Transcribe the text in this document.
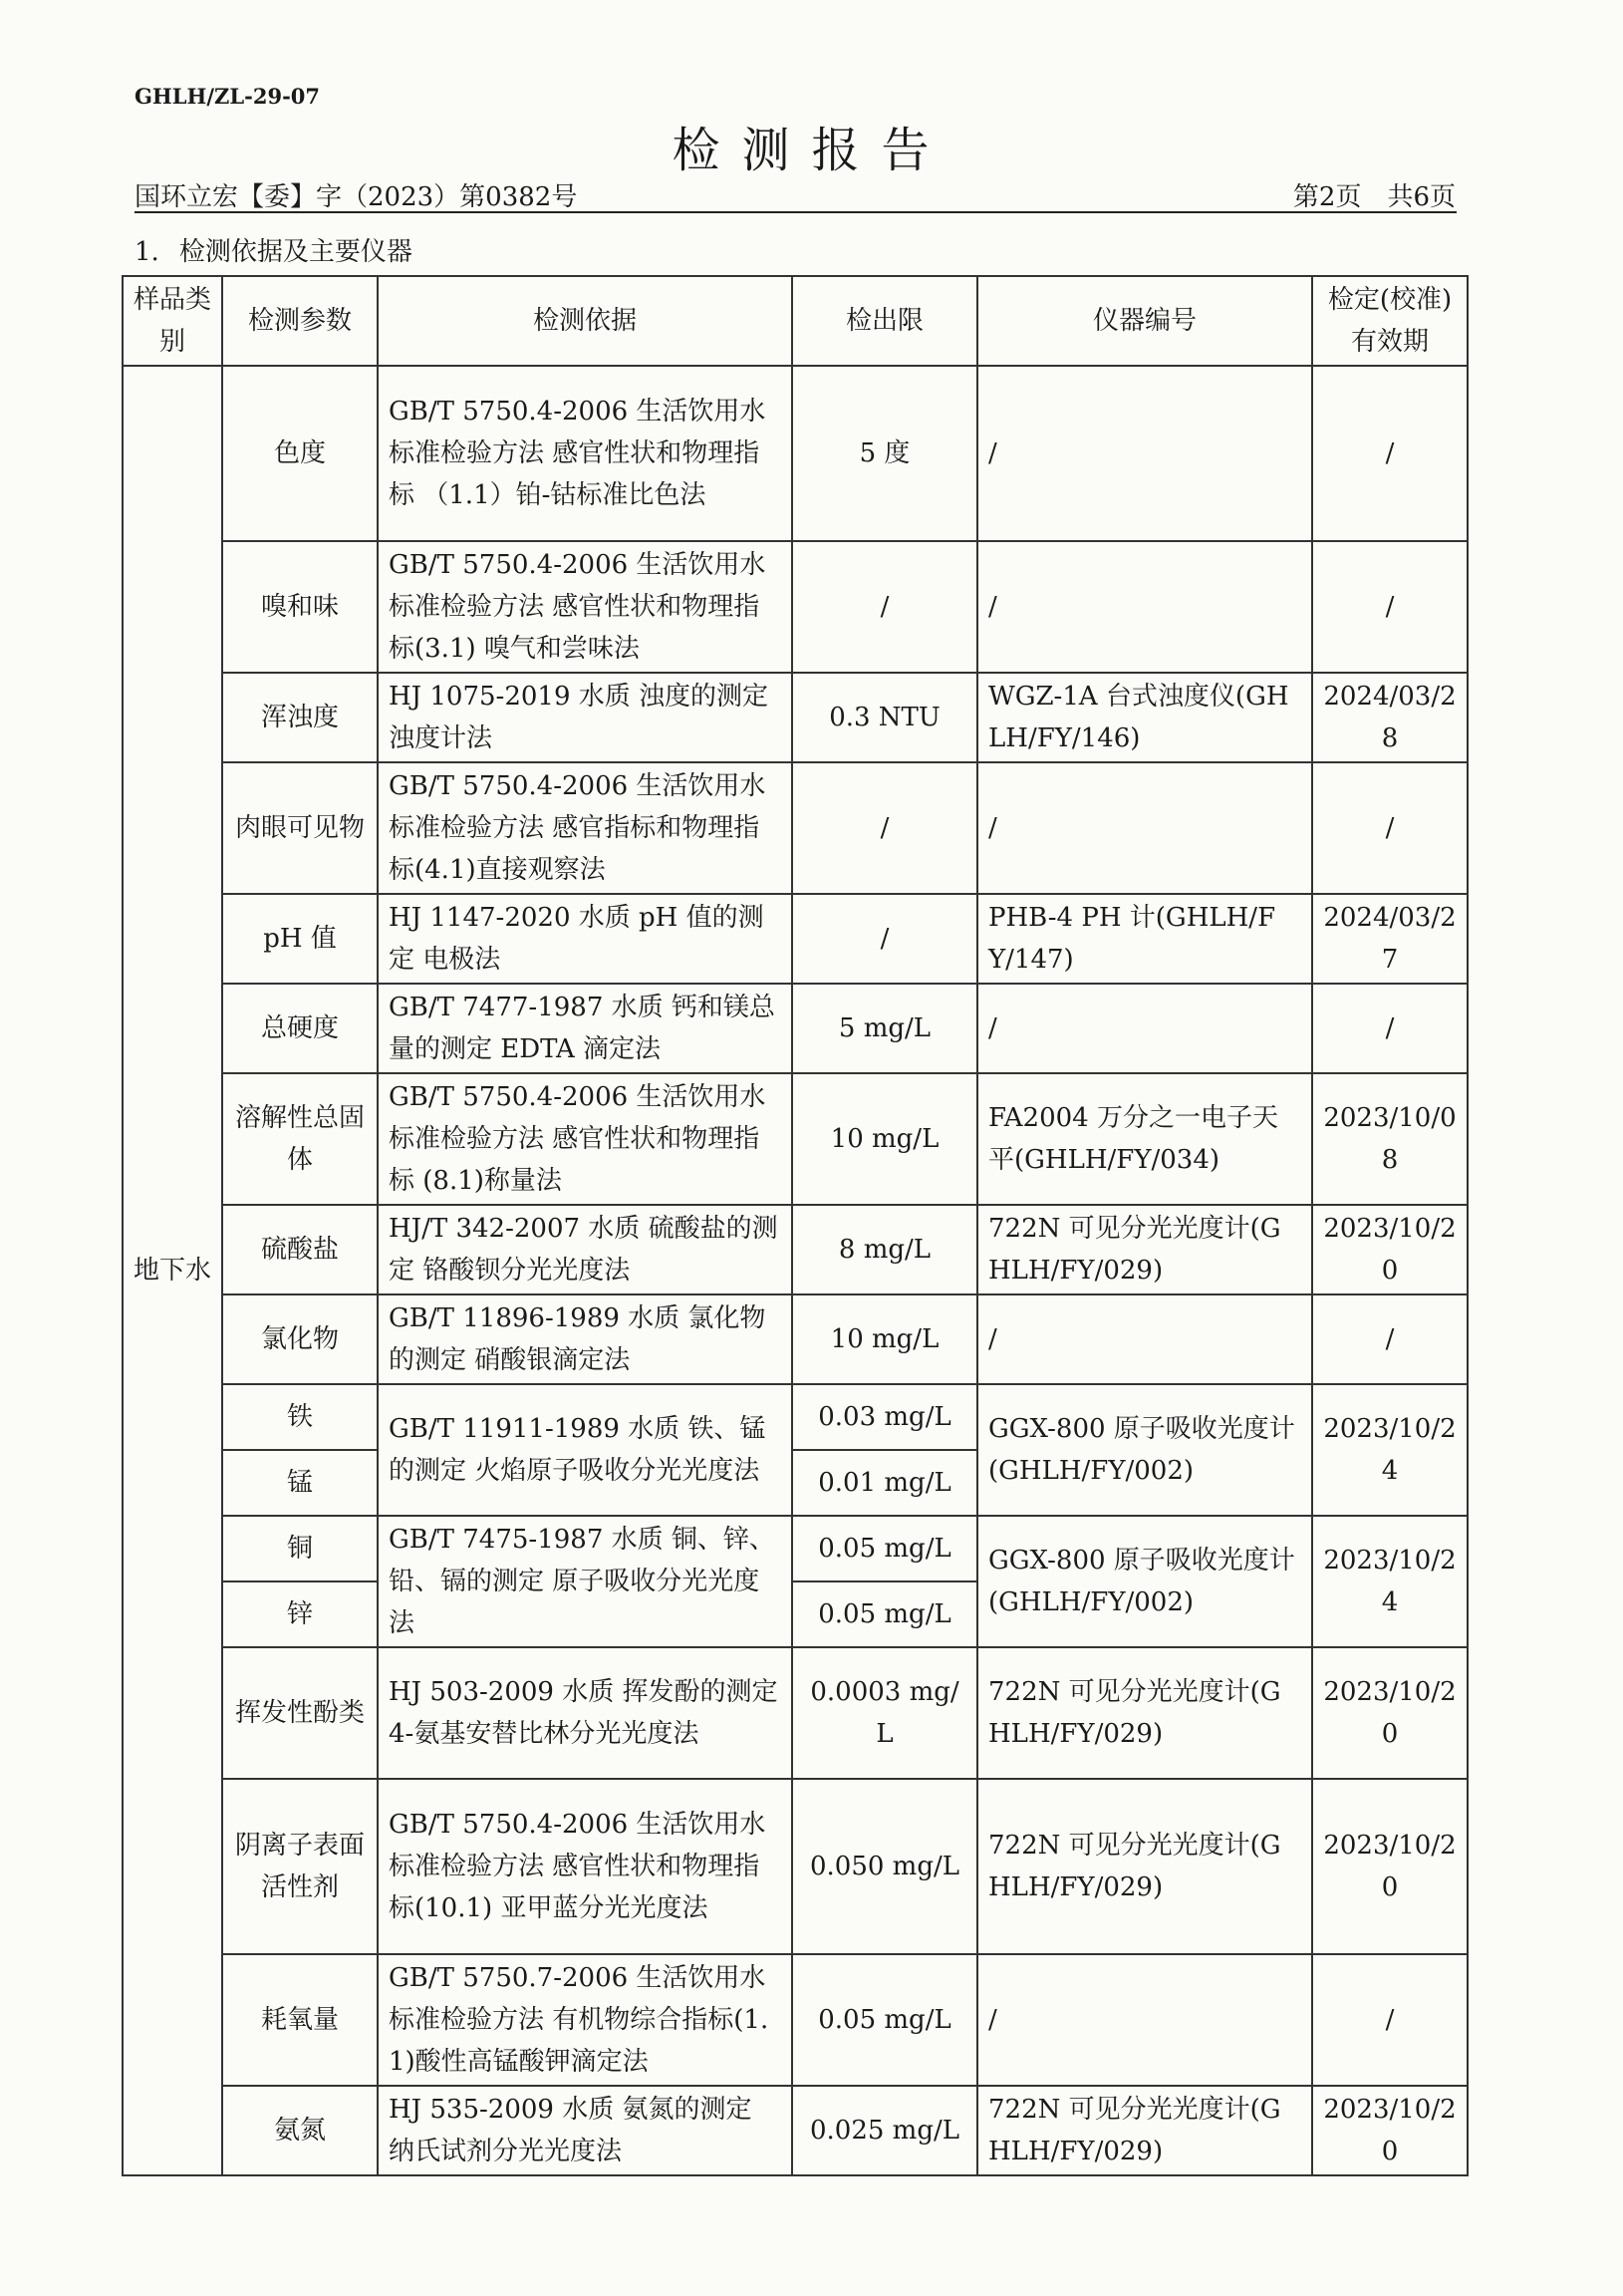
GHLH/ZL-29-07
检测报告
国环立宏【委】字（2023）第0382号	第2页　共6页
1. 检测依据及主要仪器
样品类别	检测参数	检测依据	检出限	仪器编号	检定(校准)有效期

地下水	色度	GB/T 5750.4-2006 生活饮用水标准检验方法 感官性状和物理指标 （1.1）铂-钴标准比色法	5 度	/	/
	嗅和味	GB/T 5750.4-2006 生活饮用水标准检验方法 感官性状和物理指标(3.1) 嗅气和尝味法	/	/	/
	浑浊度	HJ 1075-2019 水质 浊度的测定 浊度计法	0.3 NTU	WGZ-1A 台式浊度仪(GHLH/FY/146)	2024/03/28
	肉眼可见物	GB/T 5750.4-2006 生活饮用水标准检验方法 感官指标和物理指标(4.1)直接观察法	/	/	/
	pH 值	HJ 1147-2020 水质 pH 值的测定 电极法	/	PHB-4 PH 计(GHLH/FY/147)	2024/03/27
	总硬度	GB/T 7477-1987 水质 钙和镁总量的测定 EDTA 滴定法	5 mg/L	/	/
	溶解性总固体	GB/T 5750.4-2006 生活饮用水标准检验方法 感官性状和物理指标 (8.1)称量法	10 mg/L	FA2004 万分之一电子天平(GHLH/FY/034)	2023/10/08
	硫酸盐	HJ/T 342-2007 水质 硫酸盐的测定 铬酸钡分光光度法	8 mg/L	722N 可见分光光度计(GHLH/FY/029)	2023/10/20
	氯化物	GB/T 11896-1989 水质 氯化物的测定 硝酸银滴定法	10 mg/L	/	/
	铁	GB/T 11911-1989 水质 铁、锰的测定 火焰原子吸收分光光度法	0.03 mg/L	GGX-800 原子吸收光度计(GHLH/FY/002)	2023/10/24
	锰		0.01 mg/L		
	铜	GB/T 7475-1987 水质 铜、锌、铅、镉的测定 原子吸收分光光度法	0.05 mg/L	GGX-800 原子吸收光度计(GHLH/FY/002)	2023/10/24
	锌		0.05 mg/L		
	挥发性酚类	HJ 503-2009 水质 挥发酚的测定 4-氨基安替比林分光光度法	0.0003 mg/L	722N 可见分光光度计(GHLH/FY/029)	2023/10/20
	阴离子表面活性剂	GB/T 5750.4-2006 生活饮用水标准检验方法 感官性状和物理指标(10.1) 亚甲蓝分光光度法	0.050 mg/L	722N 可见分光光度计(GHLH/FY/029)	2023/10/20
	耗氧量	GB/T 5750.7-2006 生活饮用水标准检验方法 有机物综合指标(1.1)酸性高锰酸钾滴定法	0.05 mg/L	/	/
	氨氮	HJ 535-2009 水质 氨氮的测定 纳氏试剂分光光度法	0.025 mg/L	722N 可见分光光度计(GHLH/FY/029)	2023/10/20
